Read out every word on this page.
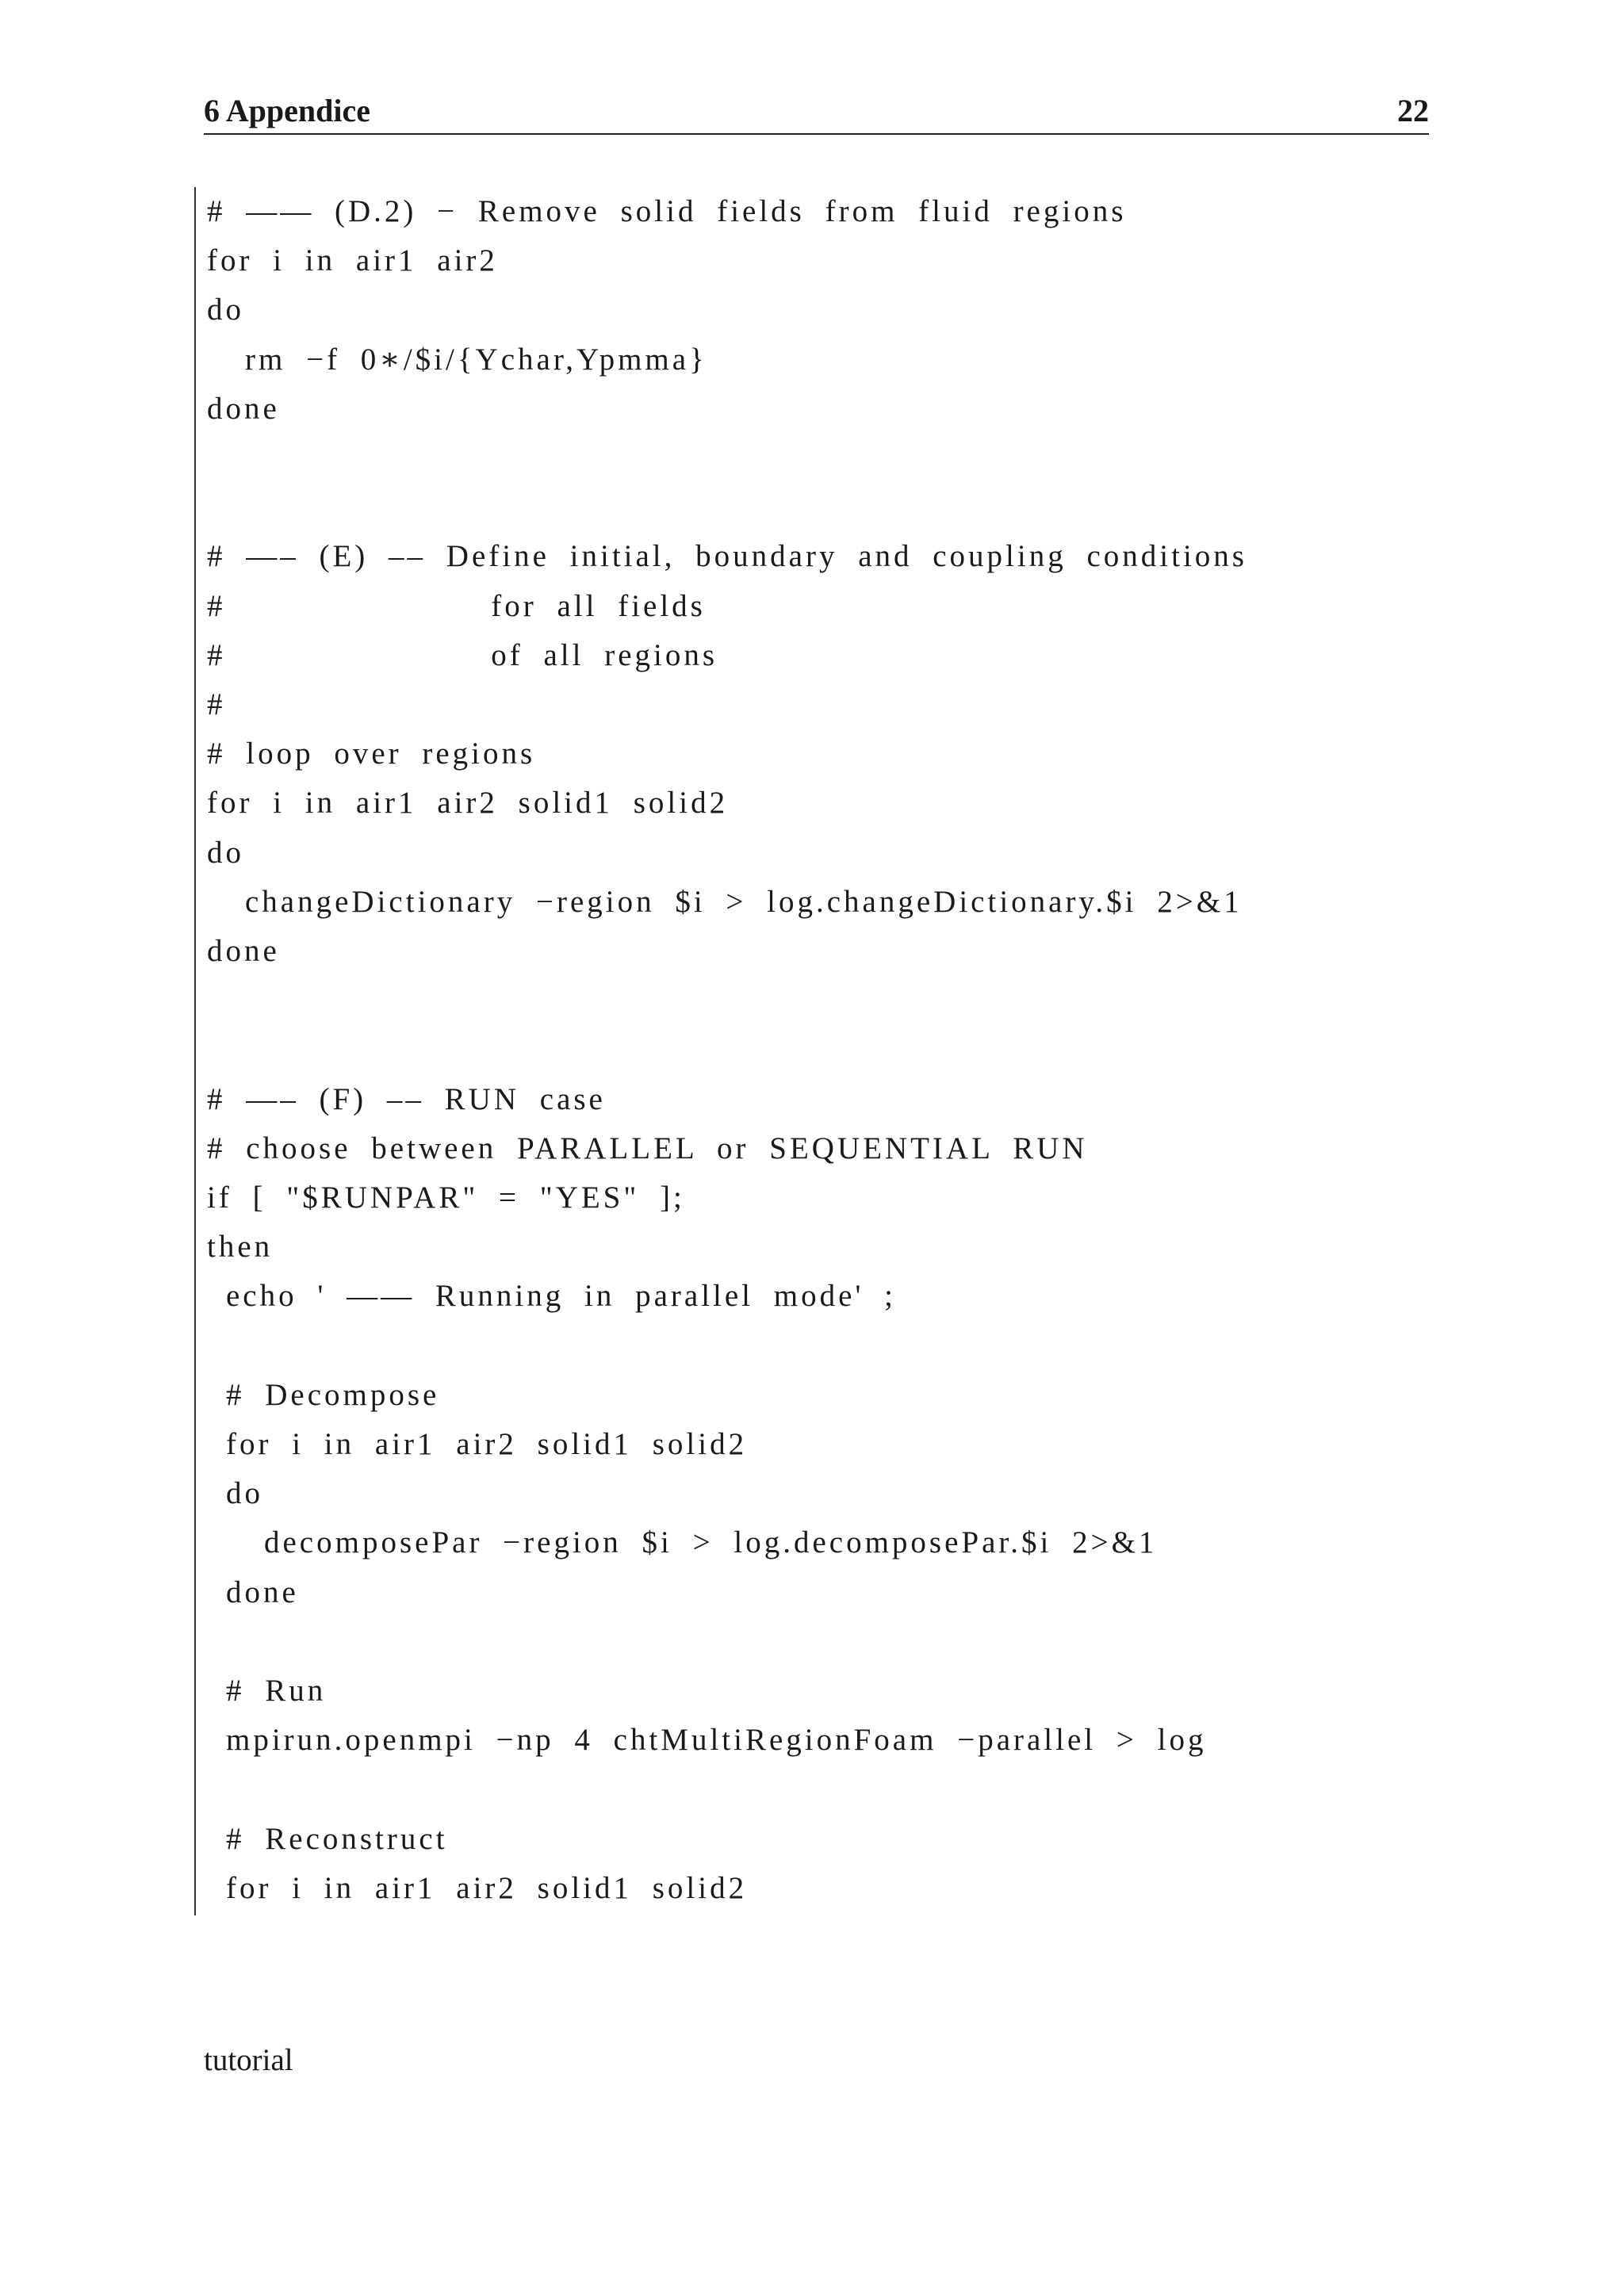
6 Appendice	22
# —— (D.2) − Remove solid fields from fluid regions
for i in air1 air2
do
rm −f 0∗/$i/{Ychar,Ypmma}
done
# —– (E) –– Define initial, boundary and coupling conditions
#             for all fields
#             of all regions
#
# loop over regions
for i in air1 air2 solid1 solid2
do
changeDictionary −region $i > log.changeDictionary.$i 2>&1
done
# —– (F) –– RUN case
# choose between PARALLEL or SEQUENTIAL RUN
if [ "$RUNPAR" = "YES" ];
then
echo ' —— Running in parallel mode' ;
# Decompose
for i in air1 air2 solid1 solid2
do
decomposePar −region $i > log.decomposePar.$i 2>&1
done
# Run
mpirun.openmpi −np 4 chtMultiRegionFoam −parallel > log
# Reconstruct
for i in air1 air2 solid1 solid2
tutorial
